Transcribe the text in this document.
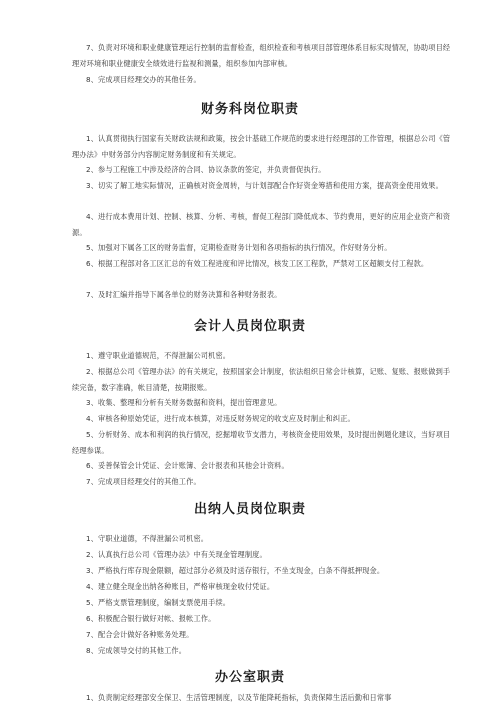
7、负责对环境和职业健康管理运行控制的监督检查，组织检查和考核项目部管理体系目标实现情况，协助项目经理对环境和职业健康安全绩效进行监视和测量，组织参加内部审核。

8、完成项目经理交办的其他任务。

财务科岗位职责

1、认真贯彻执行国家有关财政法规和政策，按会计基础工作规范的要求进行经理部的工作管理，根据总公司《管理办法》中财务部分内容制定财务制度和有关规定。

2、参与工程施工中涉及经济的合同、协议条款的签定，并负责督促执行。

3、切实了解工地实际情况，正确核对资金周转，与计划部配合作好资金筹措和使用方案，提高资金使用效果。

4、进行成本费用计划、控制、核算、分析、考核，督促工程部门降低成本、节约费用，更好的应用企业资产和资源。

5、加强对下属各工区的财务监督，定期检查财务计划和各项指标的执行情况，作好财务分析。

6、根据工程部对各工区汇总的有效工程进度和评比情况，核发工区工程款，严禁对工区超额支付工程款。

7、及时汇编并指导下属各单位的财务决算和各种财务报表。

会计人员岗位职责

1、遵守职业道德规范，不得泄漏公司机密。

2、根据总公司《管理办法》的有关规定，按照国家会计制度，依法组织日常会计核算，记账、复账、报账做到手续完备，数字准确，帐目清楚，按期报账。

3、收集、整理和分析有关财务数据和资料，提出管理意见。

4、审核各种原始凭证，进行成本核算，对违反财务规定的收支应及时制止和纠正。

5、分析财务、成本和利润的执行情况，挖掘增收节支潜力，考核资金使用效果，及时提出例题化建议，当好项目经理参谋。

6、妥善保管会计凭证、会计账簿、会计报表和其他会计资料。

7、完成项目经理交付的其他工作。

出纳人员岗位职责

1、守职业道德，不得泄漏公司机密。

2、认真执行总公司《管理办法》中有关现金管理制度。

3、严格执行库存现金限额，超过部分必须及时送存银行，不坐支现金，白条不得抵押现金。

4、建立健全现金出纳各种账目，严格审核现金收付凭证。

5、严格支票管理制度，编制支票使用手续。

6、积极配合银行做好对帐、报帐工作。

7、配合会计做好各种账务处理。

8、完成领导交付的其他工作。

办公室职责

1、负责制定经理部安全保卫、生活管理制度，以及节能降耗指标，负责保障生活后勤和日常事
